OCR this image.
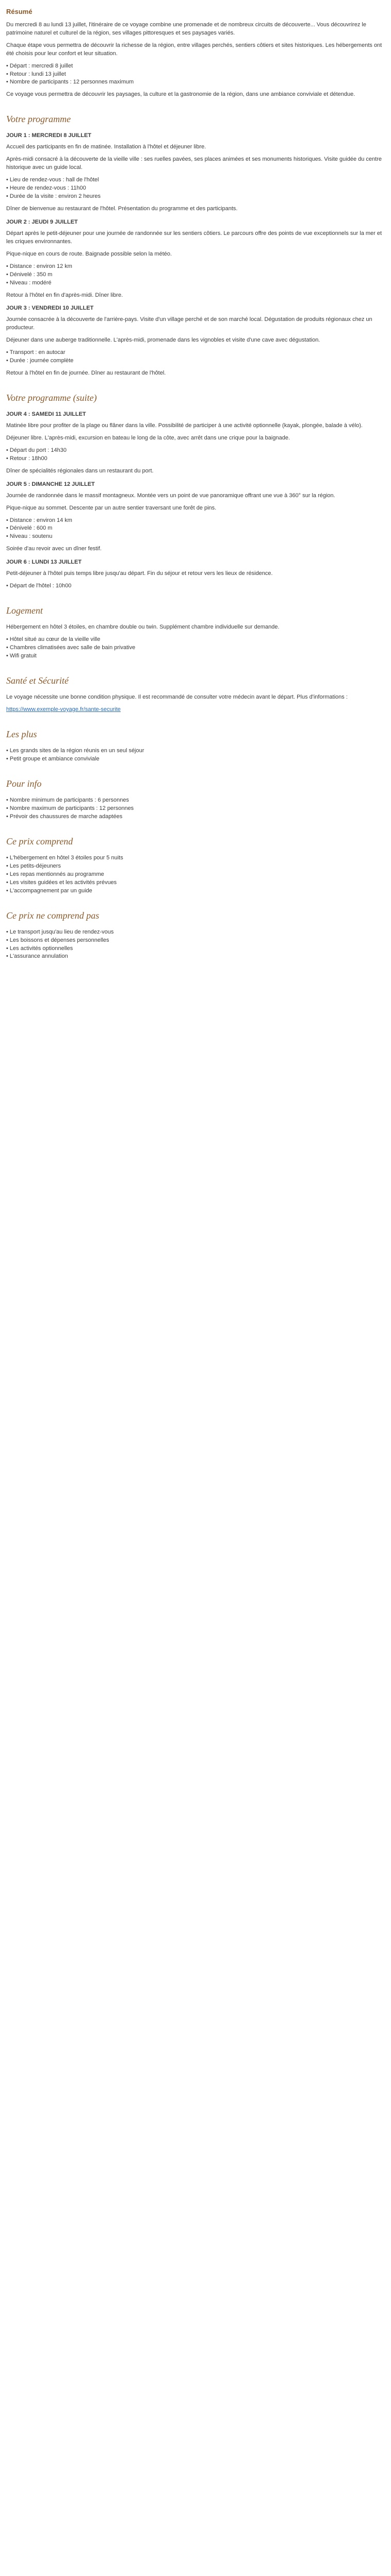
Résumé
Du mercredi 8 au lundi 13 juillet, l'itinéraire de ce voyage combine une promenade et de nombreux circuits de découverte... Vous découvrirez le patrimoine naturel et culturel de la région, ses villages pittoresques et ses paysages variés.
Chaque étape vous permettra de découvrir la richesse de la région, entre villages perchés, sentiers côtiers et sites historiques. Les hébergements ont été choisis pour leur confort et leur situation.
• Départ : mercredi 8 juillet
• Retour : lundi 13 juillet
• Nombre de participants : 12 personnes maximum
Ce voyage vous permettra de découvrir les paysages, la culture et la gastronomie de la région, dans une ambiance conviviale et détendue.
Votre programme
JOUR 1 : MERCREDI 8 JUILLET
Accueil des participants en fin de matinée. Installation à l'hôtel et déjeuner libre.
Après-midi consacré à la découverte de la vieille ville : ses ruelles pavées, ses places animées et ses monuments historiques. Visite guidée du centre historique avec un guide local.
• Lieu de rendez-vous : hall de l'hôtel
• Heure de rendez-vous : 11h00
• Durée de la visite : environ 2 heures
Dîner de bienvenue au restaurant de l'hôtel. Présentation du programme et des participants.
JOUR 2 : JEUDI 9 JUILLET
Départ après le petit-déjeuner pour une journée de randonnée sur les sentiers côtiers. Le parcours offre des points de vue exceptionnels sur la mer et les criques environnantes.
Pique-nique en cours de route. Baignade possible selon la météo.
• Distance : environ 12 km
• Dénivelé : 350 m
• Niveau : modéré
Retour à l'hôtel en fin d'après-midi. Dîner libre.
JOUR 3 : VENDREDI 10 JUILLET
Journée consacrée à la découverte de l'arrière-pays. Visite d'un village perché et de son marché local. Dégustation de produits régionaux chez un producteur.
Déjeuner dans une auberge traditionnelle. L'après-midi, promenade dans les vignobles et visite d'une cave avec dégustation.
• Transport : en autocar
• Durée : journée complète
Retour à l'hôtel en fin de journée. Dîner au restaurant de l'hôtel.
Votre programme (suite)
JOUR 4 : SAMEDI 11 JUILLET
Matinée libre pour profiter de la plage ou flâner dans la ville. Possibilité de participer à une activité optionnelle (kayak, plongée, balade à vélo).
Déjeuner libre. L'après-midi, excursion en bateau le long de la côte, avec arrêt dans une crique pour la baignade.
• Départ du port : 14h30
• Retour : 18h00
Dîner de spécialités régionales dans un restaurant du port.
JOUR 5 : DIMANCHE 12 JUILLET
Journée de randonnée dans le massif montagneux. Montée vers un point de vue panoramique offrant une vue à 360° sur la région.
Pique-nique au sommet. Descente par un autre sentier traversant une forêt de pins.
• Distance : environ 14 km
• Dénivelé : 600 m
• Niveau : soutenu
Soirée d'au revoir avec un dîner festif.
JOUR 6 : LUNDI 13 JUILLET
Petit-déjeuner à l'hôtel puis temps libre jusqu'au départ. Fin du séjour et retour vers les lieux de résidence.
• Départ de l'hôtel : 10h00
Logement
Hébergement en hôtel 3 étoiles, en chambre double ou twin. Supplément chambre individuelle sur demande.
• Hôtel situé au cœur de la vieille ville
• Chambres climatisées avec salle de bain privative
• Wifi gratuit
Santé et Sécurité
Le voyage nécessite une bonne condition physique. Il est recommandé de consulter votre médecin avant le départ. Plus d'informations :
https://www.exemple-voyage.fr/sante-securite
Les plus
• Les grands sites de la région réunis en un seul séjour
• Petit groupe et ambiance conviviale
Pour info
• Nombre minimum de participants : 6 personnes
• Nombre maximum de participants : 12 personnes
• Prévoir des chaussures de marche adaptées
Ce prix comprend
• L'hébergement en hôtel 3 étoiles pour 5 nuits
• Les petits-déjeuners
• Les repas mentionnés au programme
• Les visites guidées et les activités prévues
• L'accompagnement par un guide
Ce prix ne comprend pas
• Le transport jusqu'au lieu de rendez-vous
• Les boissons et dépenses personnelles
• Les activités optionnelles
• L'assurance annulation
